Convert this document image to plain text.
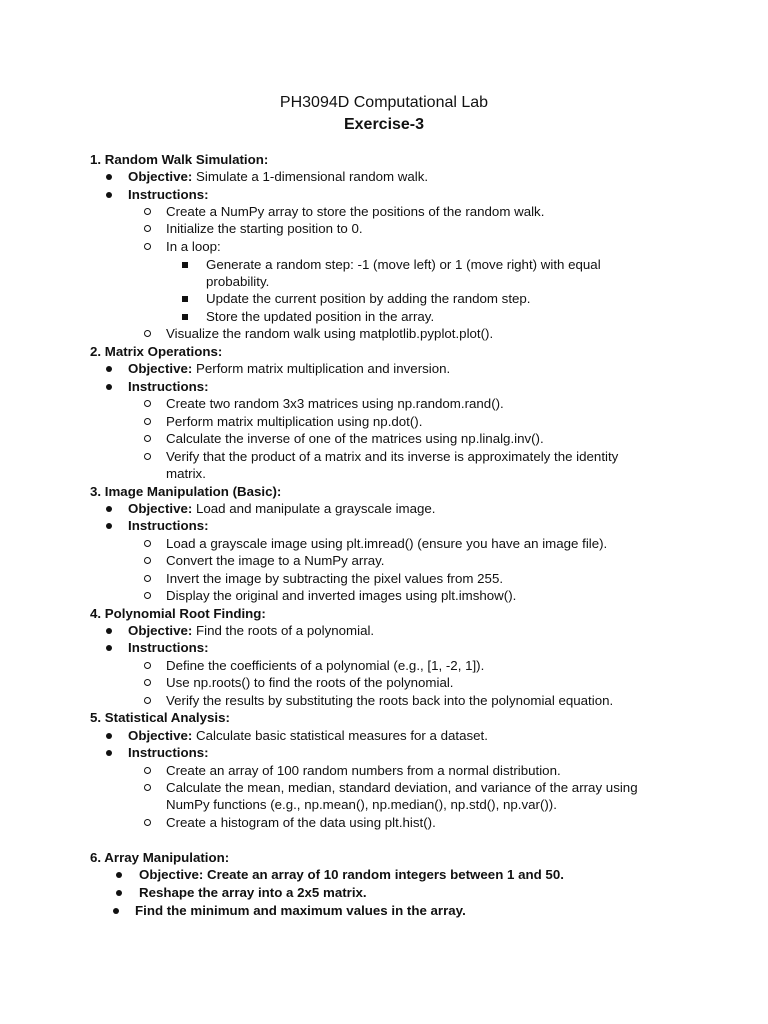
PH3094D Computational Lab
Exercise-3
1. Random Walk Simulation:
Objective: Simulate a 1-dimensional random walk.
Instructions:
Create a NumPy array to store the positions of the random walk.
Initialize the starting position to 0.
In a loop:
Generate a random step: -1 (move left) or 1 (move right) with equal
probability.
Update the current position by adding the random step.
Store the updated position in the array.
Visualize the random walk using matplotlib.pyplot.plot().
2. Matrix Operations:
Objective: Perform matrix multiplication and inversion.
Instructions:
Create two random 3x3 matrices using np.random.rand().
Perform matrix multiplication using np.dot().
Calculate the inverse of one of the matrices using np.linalg.inv().
Verify that the product of a matrix and its inverse is approximately the identity
matrix.
3. Image Manipulation (Basic):
Objective: Load and manipulate a grayscale image.
Instructions:
Load a grayscale image using plt.imread() (ensure you have an image file).
Convert the image to a NumPy array.
Invert the image by subtracting the pixel values from 255.
Display the original and inverted images using plt.imshow().
4. Polynomial Root Finding:
Objective: Find the roots of a polynomial.
Instructions:
Define the coefficients of a polynomial (e.g., [1, -2, 1]).
Use np.roots() to find the roots of the polynomial.
Verify the results by substituting the roots back into the polynomial equation.
5. Statistical Analysis:
Objective: Calculate basic statistical measures for a dataset.
Instructions:
Create an array of 100 random numbers from a normal distribution.
Calculate the mean, median, standard deviation, and variance of the array using
NumPy functions (e.g., np.mean(), np.median(), np.std(), np.var()).
Create a histogram of the data using plt.hist().
6. Array Manipulation:
Objective: Create an array of 10 random integers between 1 and 50.
Reshape the array into a 2x5 matrix.
Find the minimum and maximum values in the array.
